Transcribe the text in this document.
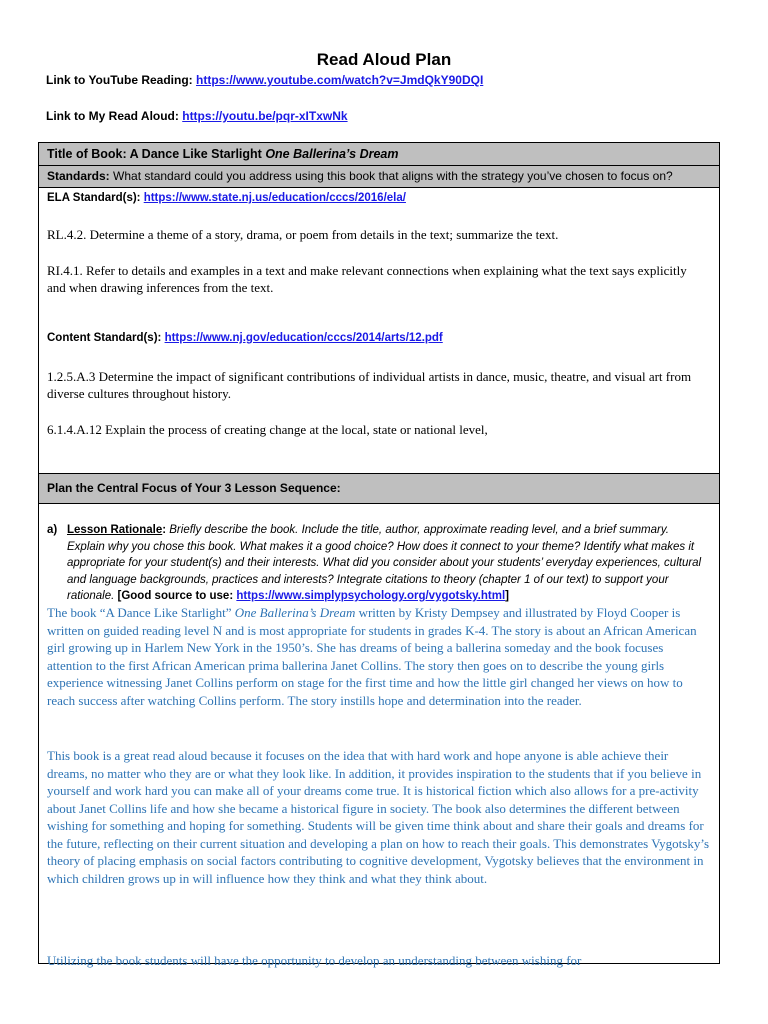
Read Aloud Plan
Link to YouTube Reading: https://www.youtube.com/watch?v=JmdQkY90DQI
Link to My Read Aloud: https://youtu.be/pqr-xITxwNk
Title of Book: A Dance Like Starlight One Ballerina’s Dream
Standards: What standard could you address using this book that aligns with the strategy you’ve chosen to focus on?
ELA Standard(s): https://www.state.nj.us/education/cccs/2016/ela/
RL.4.2. Determine a theme of a story, drama, or poem from details in the text; summarize the text.
RI.4.1. Refer to details and examples in a text and make relevant connections when explaining what the text says explicitly and when drawing inferences from the text.
Content Standard(s): https://www.nj.gov/education/cccs/2014/arts/12.pdf
1.2.5.A.3 Determine the impact of significant contributions of individual artists in dance, music, theatre, and visual art from diverse cultures throughout history.
6.1.4.A.12 Explain the process of creating change at the local, state or national level,
Plan the Central Focus of Your 3 Lesson Sequence:
a) Lesson Rationale: Briefly describe the book. Include the title, author, approximate reading level, and a brief summary. Explain why you chose this book. What makes it a good choice? How does it connect to your theme? Identify what makes it appropriate for your student(s) and their interests. What did you consider about your students’ everyday experiences, cultural and language backgrounds, practices and interests? Integrate citations to theory (chapter 1 of our text) to support your rationale. [Good source to use: https://www.simplypsychology.org/vygotsky.html]
The book “A Dance Like Starlight” One Ballerina’s Dream written by Kristy Dempsey and illustrated by Floyd Cooper is written on guided reading level N and is most appropriate for students in grades K-4. The story is about an African American girl growing up in Harlem New York in the 1950’s. She has dreams of being a ballerina someday and the book focuses attention to the first African American prima ballerina Janet Collins. The story then goes on to describe the young girls experience witnessing Janet Collins perform on stage for the first time and how the little girl changed her views on how to reach success after watching Collins perform. The story instills hope and determination into the reader.
This book is a great read aloud because it focuses on the idea that with hard work and hope anyone is able achieve their dreams, no matter who they are or what they look like. In addition, it provides inspiration to the students that if you believe in yourself and work hard you can make all of your dreams come true. It is historical fiction which also allows for a pre-activity about Janet Collins life and how she became a historical figure in society. The book also determines the different between wishing for something and hoping for something. Students will be given time think about and share their goals and dreams for the future, reflecting on their current situation and developing a plan on how to reach their goals. This demonstrates Vygotsky’s theory of placing emphasis on social factors contributing to cognitive development, Vygotsky believes that the environment in which children grows up in will influence how they think and what they think about.
Utilizing the book students will have the opportunity to develop an understanding between wishing for
